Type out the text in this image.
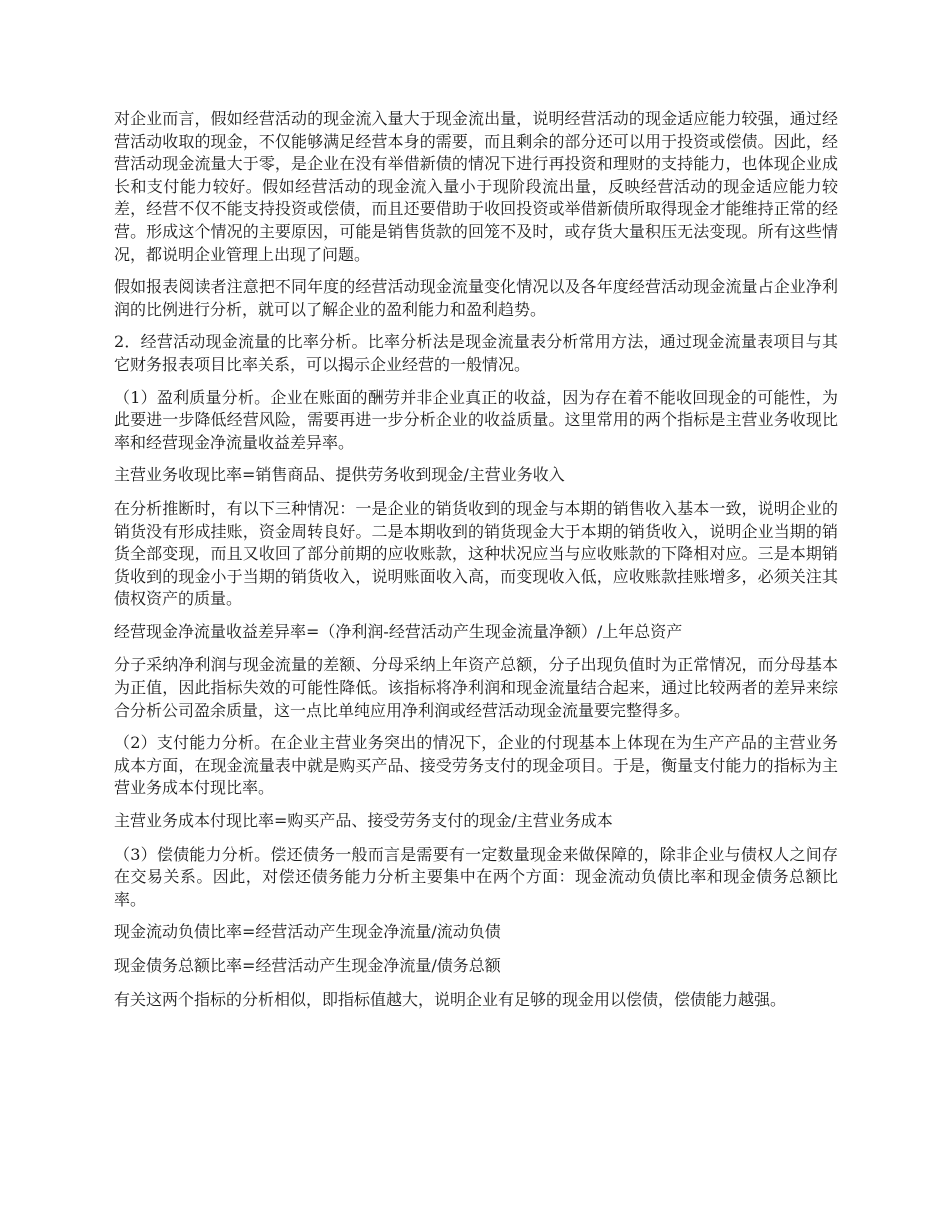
对企业而言，假如经营活动的现金流入量大于现金流出量，说明经营活动的现金适应能力较强，通过经营活动收取的现金，不仅能够满足经营本身的需要，而且剩余的部分还可以用于投资或偿债。因此，经营活动现金流量大于零，是企业在没有举借新债的情况下进行再投资和理财的支持能力，也体现企业成长和支付能力较好。假如经营活动的现金流入量小于现阶段流出量，反映经营活动的现金适应能力较差，经营不仅不能支持投资或偿债，而且还要借助于收回投资或举借新债所取得现金才能维持正常的经营。形成这个情况的主要原因，可能是销售货款的回笼不及时，或存货大量积压无法变现。所有这些情况，都说明企业管理上出现了问题。

假如报表阅读者注意把不同年度的经营活动现金流量变化情况以及各年度经营活动现金流量占企业净利润的比例进行分析，就可以了解企业的盈利能力和盈利趋势。

2．经营活动现金流量的比率分析。比率分析法是现金流量表分析常用方法，通过现金流量表项目与其它财务报表项目比率关系，可以揭示企业经营的一般情况。

（1）盈利质量分析。企业在账面的酬劳并非企业真正的收益，因为存在着不能收回现金的可能性，为此要进一步降低经营风险，需要再进一步分析企业的收益质量。这里常用的两个指标是主营业务收现比率和经营现金净流量收益差异率。

主营业务收现比率=销售商品、提供劳务收到现金/主营业务收入

在分析推断时，有以下三种情况：一是企业的销货收到的现金与本期的销售收入基本一致，说明企业的销货没有形成挂账，资金周转良好。二是本期收到的销货现金大于本期的销货收入，说明企业当期的销货全部变现，而且又收回了部分前期的应收账款，这种状况应当与应收账款的下降相对应。三是本期销货收到的现金小于当期的销货收入，说明账面收入高，而变现收入低，应收账款挂账增多，必须关注其债权资产的质量。

经营现金净流量收益差异率=（净利润-经营活动产生现金流量净额）/上年总资产

分子采纳净利润与现金流量的差额、分母采纳上年资产总额，分子出现负值时为正常情况，而分母基本为正值，因此指标失效的可能性降低。该指标将净利润和现金流量结合起来，通过比较两者的差异来综合分析公司盈余质量，这一点比单纯应用净利润或经营活动现金流量要完整得多。

（2）支付能力分析。在企业主营业务突出的情况下，企业的付现基本上体现在为生产产品的主营业务成本方面，在现金流量表中就是购买产品、接受劳务支付的现金项目。于是，衡量支付能力的指标为主营业务成本付现比率。

主营业务成本付现比率=购买产品、接受劳务支付的现金/主营业务成本

（3）偿债能力分析。偿还债务一般而言是需要有一定数量现金来做保障的，除非企业与债权人之间存在交易关系。因此，对偿还债务能力分析主要集中在两个方面：现金流动负债比率和现金债务总额比率。

现金流动负债比率=经营活动产生现金净流量/流动负债

现金债务总额比率=经营活动产生现金净流量/债务总额

有关这两个指标的分析相似，即指标值越大，说明企业有足够的现金用以偿债，偿债能力越强。
